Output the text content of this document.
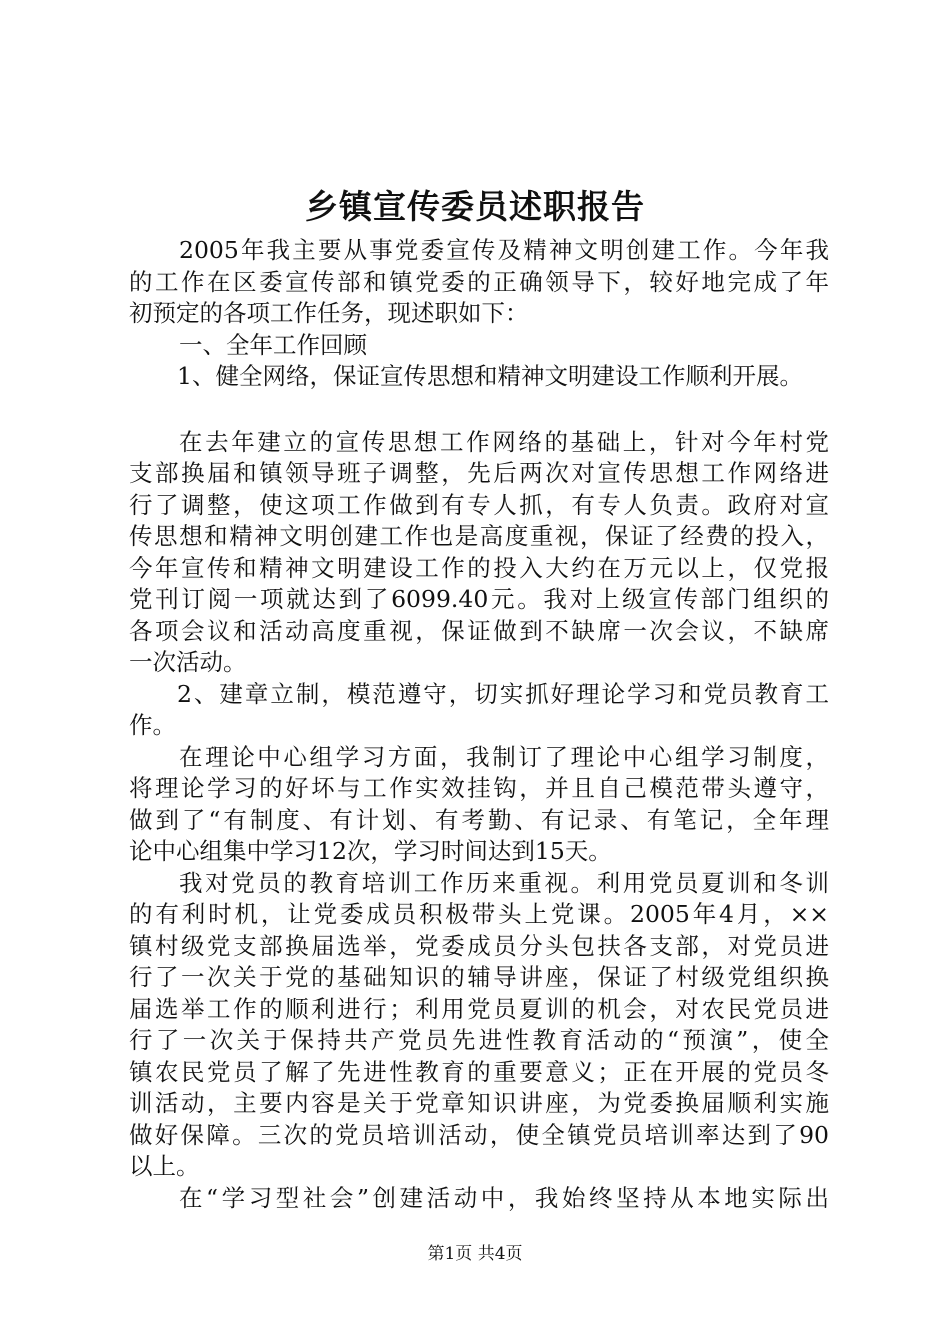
乡镇宣传委员述职报告
2005年我主要从事党委宣传及精神文明创建工作。今年我
的工作在区委宣传部和镇党委的正确领导下，较好地完成了年
初预定的各项工作任务，现述职如下：
一、全年工作回顾
1、健全网络，保证宣传思想和精神文明建设工作顺利开展。
在去年建立的宣传思想工作网络的基础上，针对今年村党
支部换届和镇领导班子调整，先后两次对宣传思想工作网络进
行了调整，使这项工作做到有专人抓，有专人负责。政府对宣
传思想和精神文明创建工作也是高度重视，保证了经费的投入，
今年宣传和精神文明建设工作的投入大约在万元以上，仅党报
党刊订阅一项就达到了6099.40元。我对上级宣传部门组织的
各项会议和活动高度重视，保证做到不缺席一次会议，不缺席
一次活动。
2、建章立制，模范遵守，切实抓好理论学习和党员教育工
作。
在理论中心组学习方面，我制订了理论中心组学习制度，
将理论学习的好坏与工作实效挂钩，并且自己模范带头遵守，
做到了“有制度、有计划、有考勤、有记录、有笔记，全年理
论中心组集中学习12次，学习时间达到15天。
我对党员的教育培训工作历来重视。利用党员夏训和冬训
的有利时机，让党委成员积极带头上党课。2005年4月，××
镇村级党支部换届选举，党委成员分头包扶各支部，对党员进
行了一次关于党的基础知识的辅导讲座，保证了村级党组织换
届选举工作的顺利进行；利用党员夏训的机会，对农民党员进
行了一次关于保持共产党员先进性教育活动的“预演”，使全
镇农民党员了解了先进性教育的重要意义；正在开展的党员冬
训活动，主要内容是关于党章知识讲座，为党委换届顺利实施
做好保障。三次的党员培训活动，使全镇党员培训率达到了90
以上。
在“学习型社会”创建活动中，我始终坚持从本地实际出
第1页 共4页
